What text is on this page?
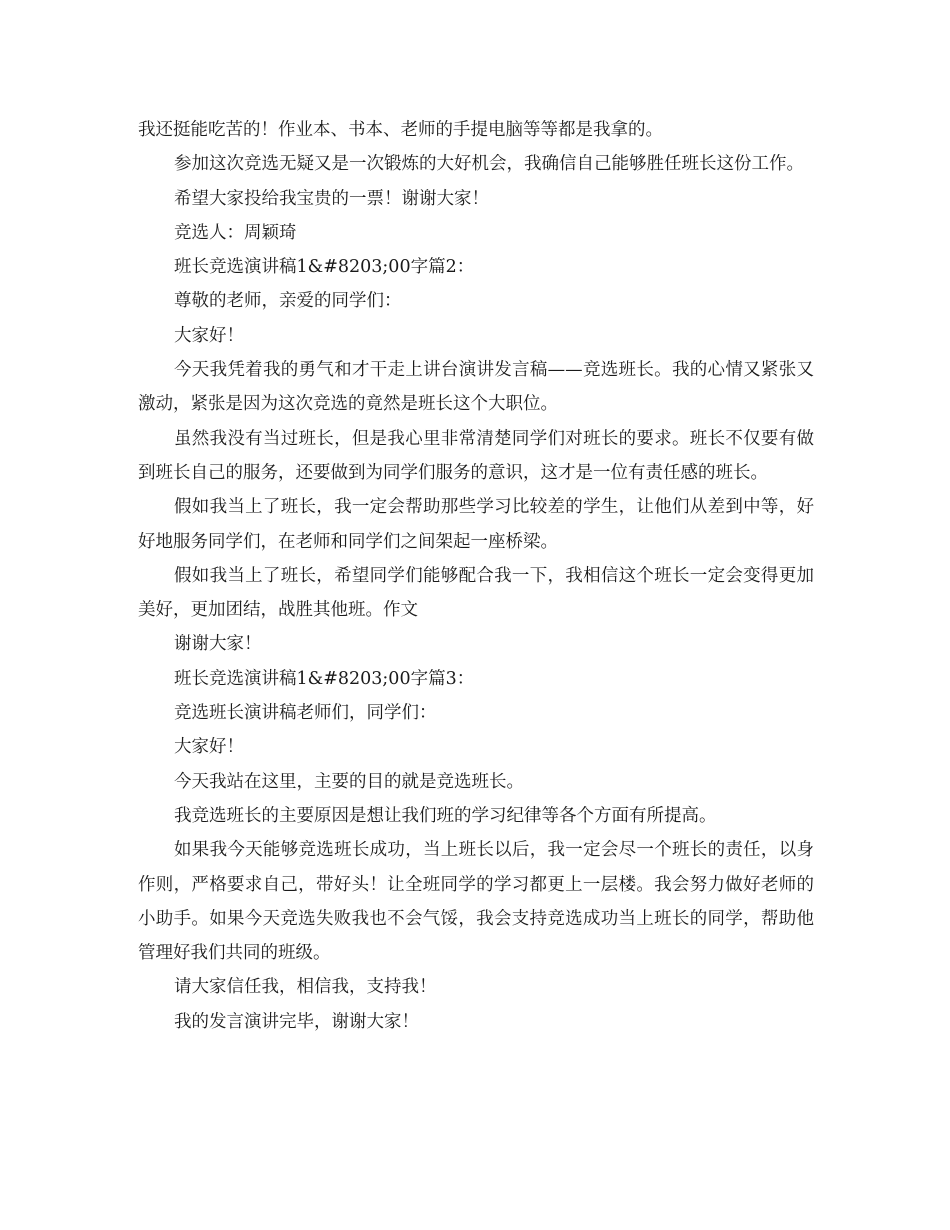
我还挺能吃苦的！作业本、书本、老师的手提电脑等等都是我拿的。

参加这次竞选无疑又是一次锻炼的大好机会，我确信自己能够胜任班长这份工作。

希望大家投给我宝贵的一票！谢谢大家！

竞选人：周颖琦

班长竞选演讲稿1&#8203;00字篇2：

尊敬的老师，亲爱的同学们：

大家好！

今天我凭着我的勇气和才干走上讲台演讲发言稿——竞选班长。我的心情又紧张又激动，紧张是因为这次竞选的竟然是班长这个大职位。

虽然我没有当过班长，但是我心里非常清楚同学们对班长的要求。班长不仅要有做到班长自己的服务，还要做到为同学们服务的意识，这才是一位有责任感的班长。

假如我当上了班长，我一定会帮助那些学习比较差的学生，让他们从差到中等，好好地服务同学们，在老师和同学们之间架起一座桥梁。

假如我当上了班长，希望同学们能够配合我一下，我相信这个班长一定会变得更加美好，更加团结，战胜其他班。作文

谢谢大家！

班长竞选演讲稿1&#8203;00字篇3：

竞选班长演讲稿老师们，同学们：

大家好！

今天我站在这里，主要的目的就是竞选班长。

我竞选班长的主要原因是想让我们班的学习纪律等各个方面有所提高。

如果我今天能够竞选班长成功，当上班长以后，我一定会尽一个班长的责任，以身作则，严格要求自己，带好头！让全班同学的学习都更上一层楼。我会努力做好老师的小助手。如果今天竞选失败我也不会气馁，我会支持竞选成功当上班长的同学，帮助他管理好我们共同的班级。

请大家信任我，相信我，支持我！

我的发言演讲完毕，谢谢大家！
